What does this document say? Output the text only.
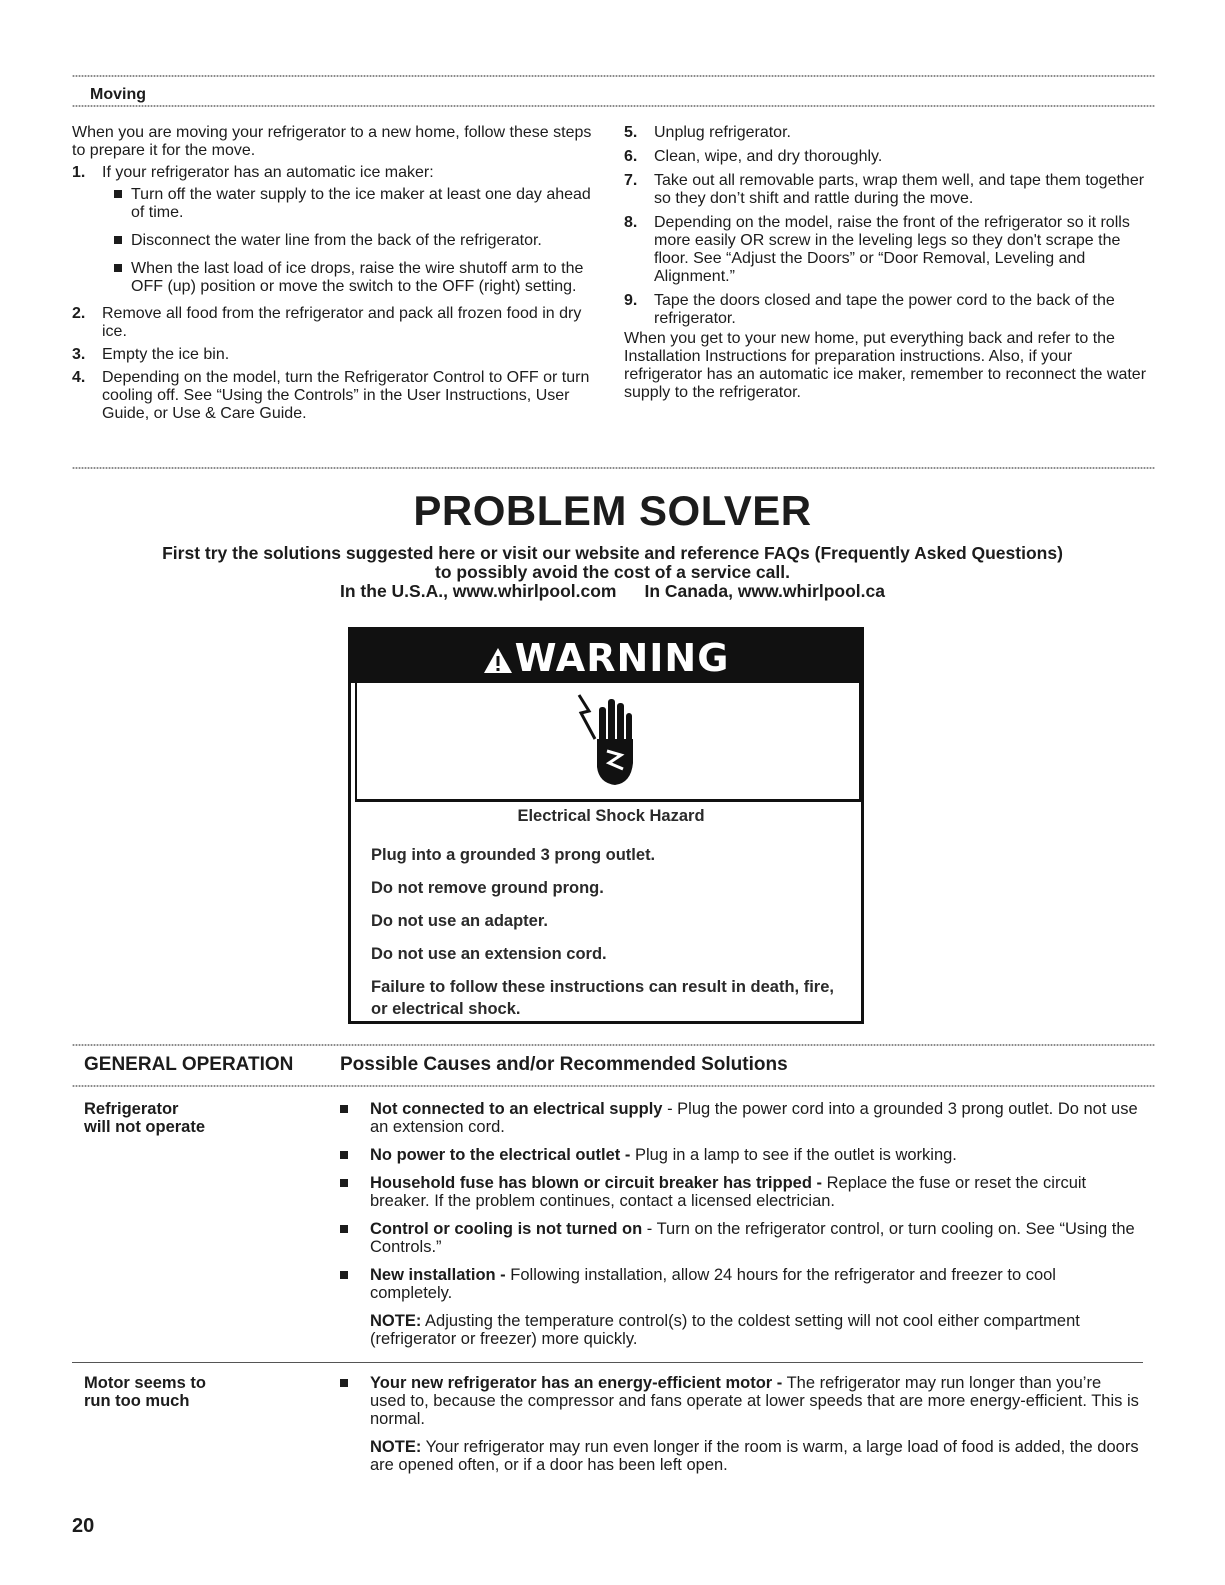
Moving

When you are moving your refrigerator to a new home, follow these steps to prepare it for the move.

1. If your refrigerator has an automatic ice maker:

Turn off the water supply to the ice maker at least one day ahead of time.

Disconnect the water line from the back of the refrigerator.

When the last load of ice drops, raise the wire shutoff arm to the OFF (up) position or move the switch to the OFF (right) setting.

2. Remove all food from the refrigerator and pack all frozen food in dry ice.

3. Empty the ice bin.

4. Depending on the model, turn the Refrigerator Control to OFF or turn cooling off. See “Using the Controls” in the User Instructions, User Guide, or Use & Care Guide.

5. Unplug refrigerator.

6. Clean, wipe, and dry thoroughly.

7. Take out all removable parts, wrap them well, and tape them together so they don’t shift and rattle during the move.

8. Depending on the model, raise the front of the refrigerator so it rolls more easily OR screw in the leveling legs so they don't scrape the floor. See “Adjust the Doors” or “Door Removal, Leveling and Alignment.”

9. Tape the doors closed and tape the power cord to the back of the refrigerator.

When you get to your new home, put everything back and refer to the Installation Instructions for preparation instructions. Also, if your refrigerator has an automatic ice maker, remember to reconnect the water supply to the refrigerator.

PROBLEM SOLVER
First try the solutions suggested here or visit our website and reference FAQs (Frequently Asked Questions)
to possibly avoid the cost of a service call.
In the U.S.A., www.whirlpool.com In Canada, www.whirlpool.ca
WARNING

Electrical Shock Hazard

Plug into a grounded 3 prong outlet.

Do not remove ground prong.

Do not use an adapter.

Do not use an extension cord.

Failure to follow these instructions can result in death, fire, or electrical shock.

GENERAL OPERATION Possible Causes and/or Recommended Solutions
Refrigerator
will not operate

Not connected to an electrical supply - Plug the power cord into a grounded 3 prong outlet. Do not use an extension cord.

No power to the electrical outlet - Plug in a lamp to see if the outlet is working.

Household fuse has blown or circuit breaker has tripped - Replace the fuse or reset the circuit breaker. If the problem continues, contact a licensed electrician.

Control or cooling is not turned on - Turn on the refrigerator control, or turn cooling on. See “Using the Controls.”

New installation - Following installation, allow 24 hours for the refrigerator and freezer to cool completely.

NOTE: Adjusting the temperature control(s) to the coldest setting will not cool either compartment (refrigerator or freezer) more quickly.

Motor seems to
run too much

Your new refrigerator has an energy-efficient motor - The refrigerator may run longer than you’re used to, because the compressor and fans operate at lower speeds that are more energy-efficient. This is normal.

NOTE: Your refrigerator may run even longer if the room is warm, a large load of food is added, the doors are opened often, or if a door has been left open.

20
